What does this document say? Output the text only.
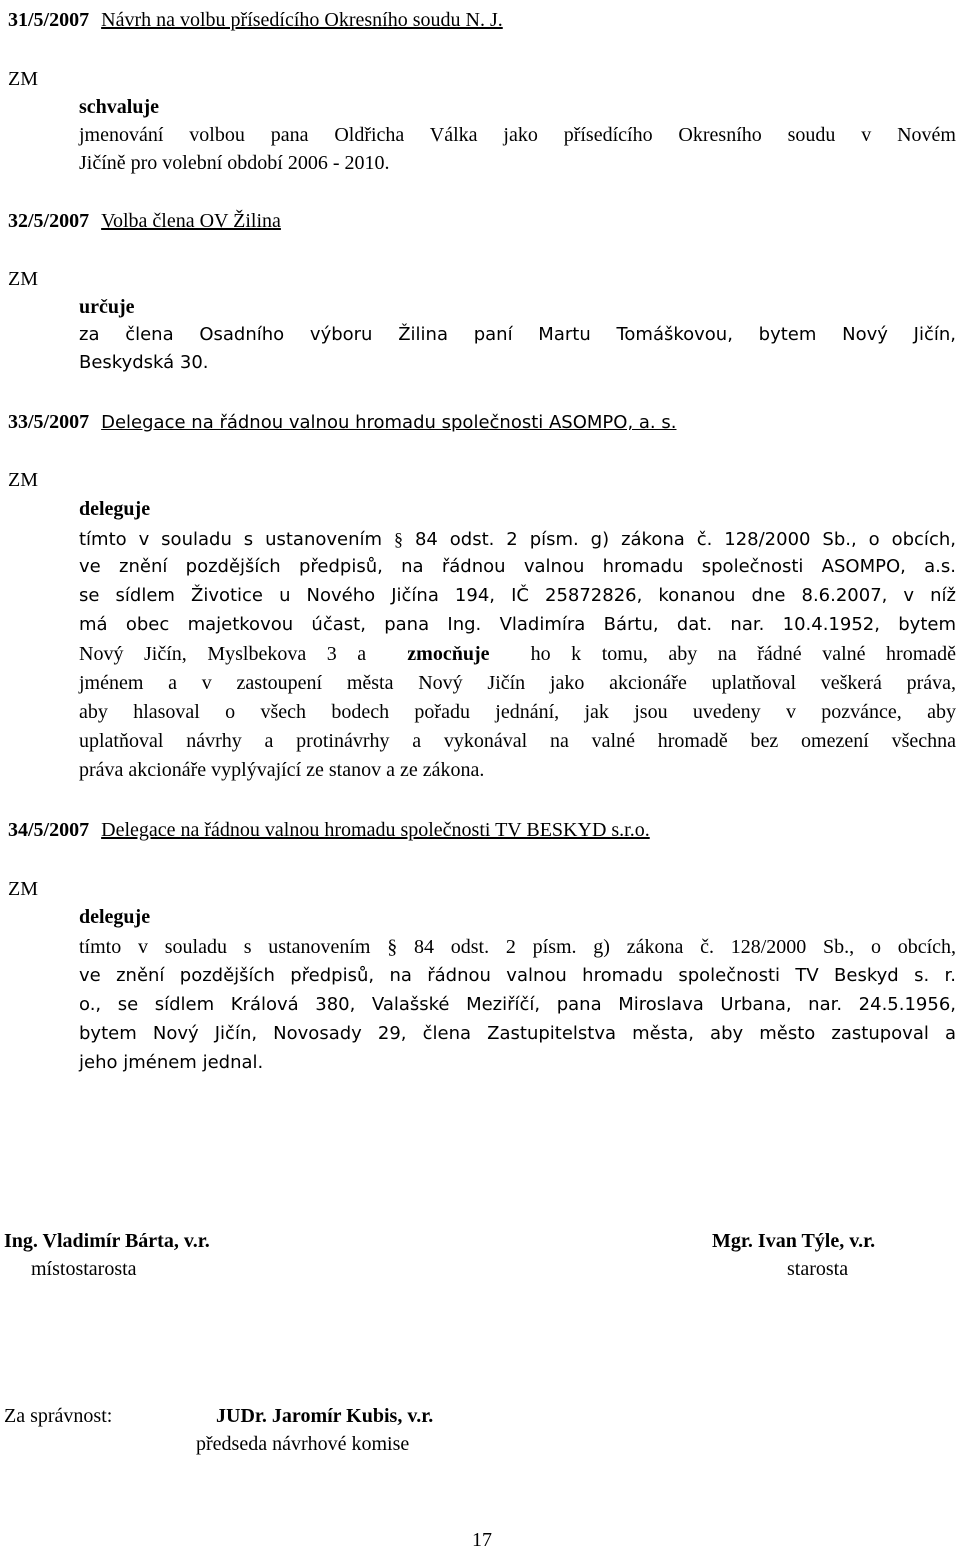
31/5/2007 Návrh na volbu přísedícího Okresního soudu N. J.
ZM
schvaluje
jmenování volbou pana Oldřicha Válka jako přísedícího Okresního soudu v Novém
Jičíně pro volební období 2006 - 2010.
32/5/2007 Volba člena OV Žilina
ZM
určuje
za člena Osadního výboru Žilina paní Martu Tomáškovou, bytem Nový Jičín,
Beskydská 30.
33/5/2007 Delegace na řádnou valnou hromadu společnosti ASOMPO, a. s.
ZM
deleguje
tímto v souladu s ustanovením § 84 odst. 2 písm. g) zákona č. 128/2000 Sb., o obcích,
ve znění pozdějších předpisů, na řádnou valnou hromadu společnosti ASOMPO, a.s.
se sídlem Životice u Nového Jičína 194, IČ 25872826, konanou dne 8.6.2007, v níž
má obec majetkovou účast, pana Ing. Vladimíra Bártu, dat. nar. 10.4.1952, bytem
Nový Jičín, Myslbekova 3 a  zmocňuje  ho k tomu, aby na řádné valné hromadě
jménem a v zastoupení města Nový Jičín jako akcionáře uplatňoval veškerá práva,
aby hlasoval o všech bodech pořadu jednání, jak jsou uvedeny v pozvánce, aby
uplatňoval návrhy a protinávrhy a vykonával na valné hromadě bez omezení všechna
práva akcionáře vyplývající ze stanov a ze zákona.
34/5/2007 Delegace na řádnou valnou hromadu společnosti TV BESKYD s.r.o.
ZM
deleguje
tímto v souladu s ustanovením § 84 odst. 2 písm. g) zákona č. 128/2000 Sb., o obcích,
ve znění pozdějších předpisů, na řádnou valnou hromadu společnosti TV Beskyd s. r.
o., se sídlem Králová 380, Valašské Meziříčí, pana Miroslava Urbana, nar. 24.5.1956,
bytem Nový Jičín, Novosady 29, člena Zastupitelstva města, aby město zastupoval a
jeho jménem jednal.
Ing. Vladimír Bárta, v.r.
místostarosta
Mgr. Ivan Týle, v.r.
starosta
Za správnost:	JUDr. Jaromír Kubis, v.r.
předseda návrhové komise
17
